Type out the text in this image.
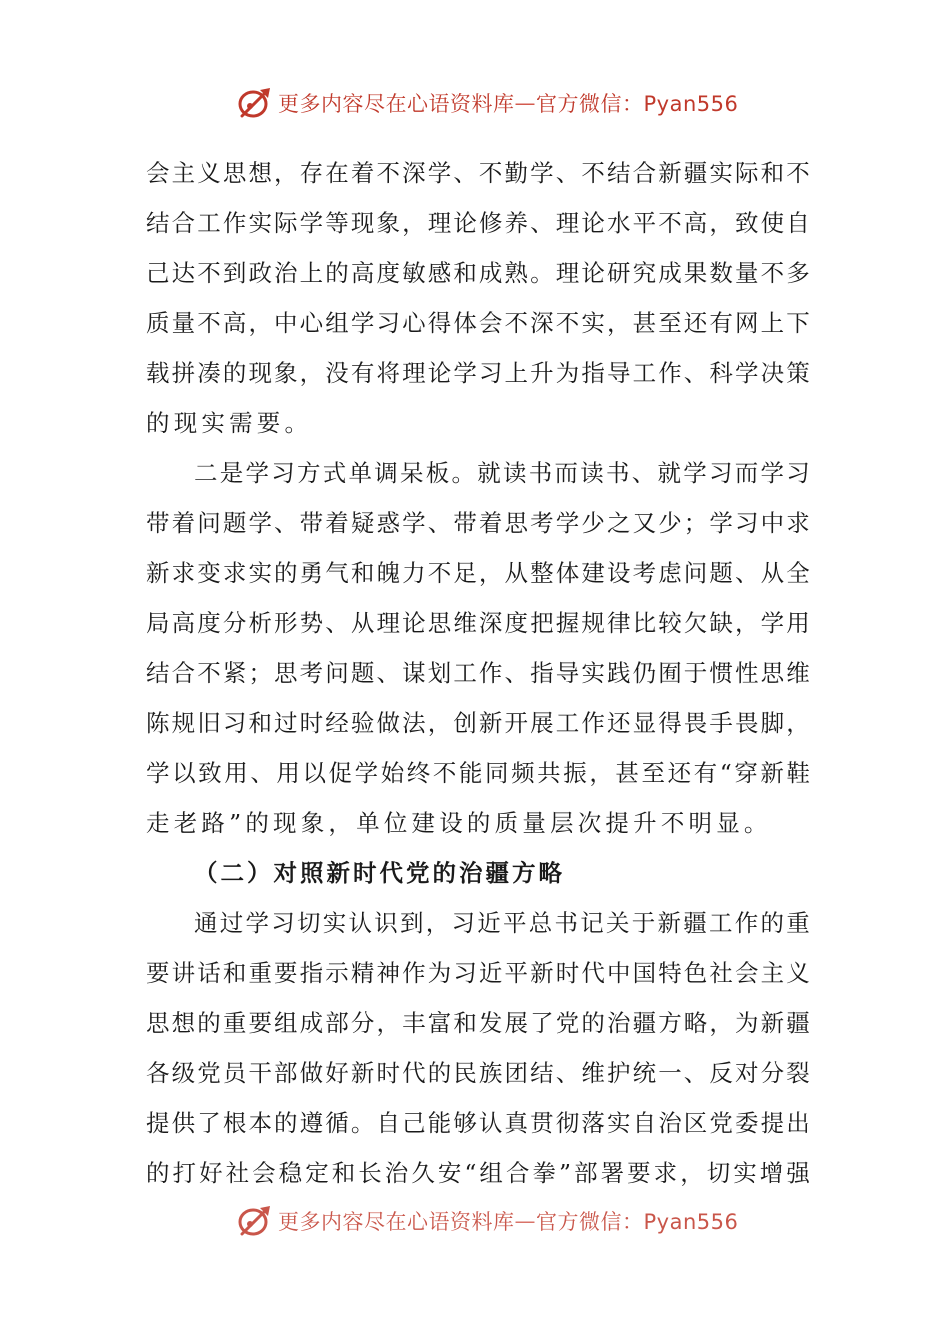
更多内容尽在心语资料库 — 官方微信：Pyan556
会 主 义 思 想 ， 存 在 着 不 深 学 、 不 勤 学 、 不 结 合 新 疆 实 际 和 不
结 合 工 作 实 际 学 等 现 象 ， 理 论 修 养 、 理 论 水 平 不 高 ， 致 使 自
己 达 不 到 政 治 上 的 高 度 敏 感 和 成 熟 。 理 论 研 究 成 果 数 量 不 多
质 量 不 高 ， 中 心 组 学 习 心 得 体 会 不 深 不 实 ， 甚 至 还 有 网 上 下
载 拼 凑 的 现 象 ， 没 有 将 理 论 学 习 上 升 为 指 导 工 作 、 科 学 决 策
的现实需要。
二 是 学 习 方 式 单 调 呆 板 。 就 读 书 而 读 书 、 就 学 习 而 学 习
带 着 问 题 学 、 带 着 疑 惑 学 、 带 着 思 考 学 少 之 又 少 ； 学 习 中 求
新 求 变 求 实 的 勇 气 和 魄 力 不 足 ， 从 整 体 建 设 考 虑 问 题 、 从 全
局 高 度 分 析 形 势 、 从 理 论 思 维 深 度 把 握 规 律 比 较 欠 缺 ， 学 用
结 合 不 紧 ； 思 考 问 题 、 谋 划 工 作 、 指 导 实 践 仍 囿 于 惯 性 思 维
陈 规 旧 习 和 过 时 经 验 做 法 ， 创 新 开 展 工 作 还 显 得 畏 手 畏 脚 ，
学 以 致 用 、 用 以 促 学 始 终 不 能 同 频 共 振 ， 甚 至 还 有 “ 穿 新 鞋
走老路”的现象，单位建设的质量层次提升不明显。
（二）对照新时代党的治疆方略
通 过 学 习 切 实 认 识 到 ， 习 近 平 总 书 记 关 于 新 疆 工 作 的 重
要 讲 话 和 重 要 指 示 精 神 作 为 习 近 平 新 时 代 中 国 特 色 社 会 主 义
思 想 的 重 要 组 成 部 分 ， 丰 富 和 发 展 了 党 的 治 疆 方 略 ， 为 新 疆
各 级 党 员 干 部 做 好 新 时 代 的 民 族 团 结 、 维 护 统 一 、 反 对 分 裂
提 供 了 根 本 的 遵 循 。 自 己 能 够 认 真 贯 彻 落 实 自 治 区 党 委 提 出
的 打 好 社 会 稳 定 和 长 治 久 安 “ 组 合 拳 ” 部 署 要 求 ， 切 实 增 强
更多内容尽在心语资料库 — 官方微信：Pyan556
